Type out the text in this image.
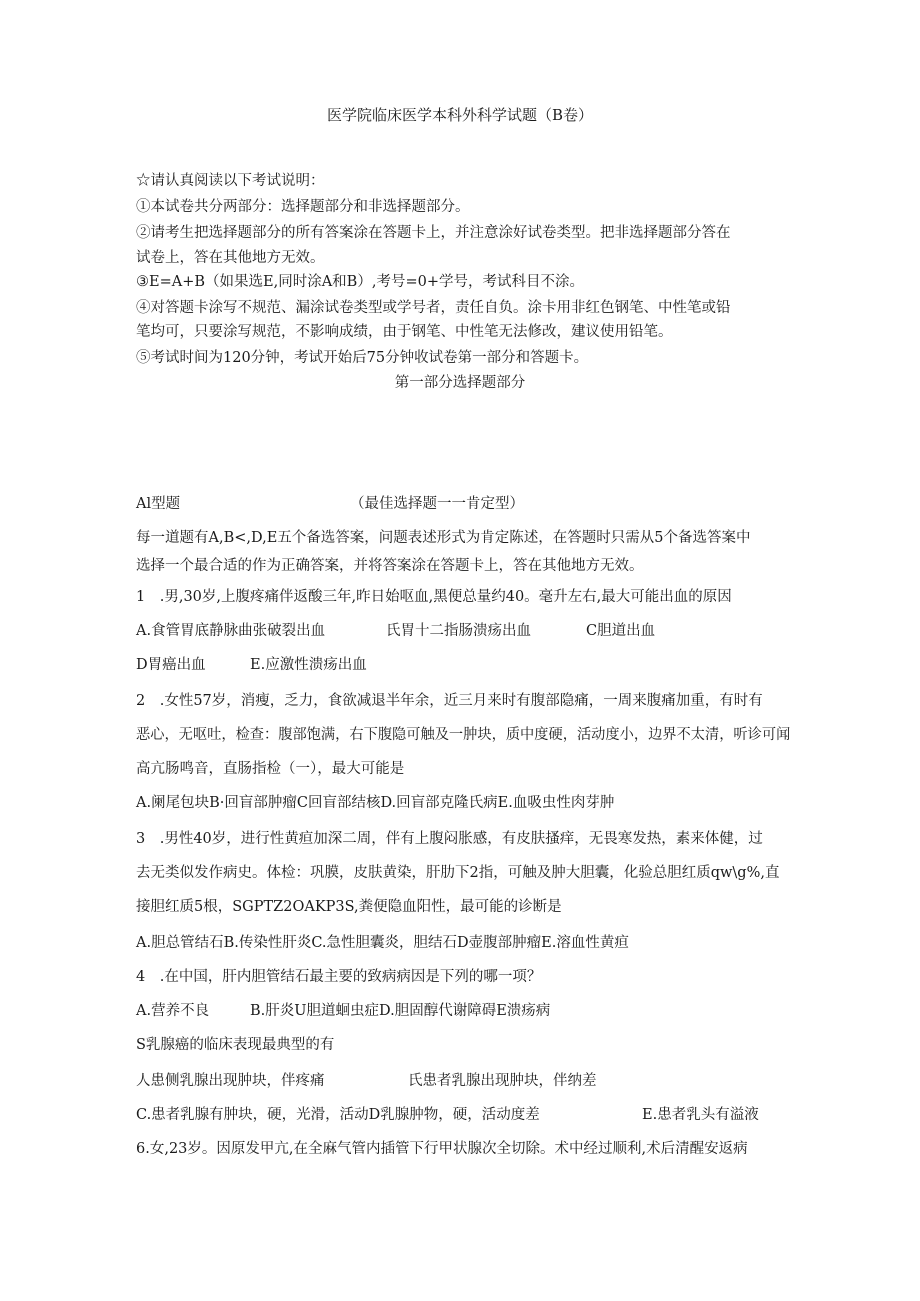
医学院临床医学本科外科学试题（B卷）
☆请认真阅读以下考试说明：
①本试卷共分两部分：选择题部分和非选择题部分。
②请考生把选择题部分的所有答案涂在答题卡上，并注意涂好试卷类型。把非选择题部分答在
试卷上，答在其他地方无效。
③E=A+B（如果选E,同时涂A和B）,考号=0+学号，考试科目不涂。
④对答题卡涂写不规范、漏涂试卷类型或学号者，责任自负。涂卡用非红色钢笔、中性笔或铅
笔均可，只要涂写规范，不影响成绩，由于钢笔、中性笔无法修改，建议使用铅笔。
⑤考试时间为120分钟，考试开始后75分钟收试卷第一部分和答题卡。
第一部分选择题部分
Al型题	（最佳选择题一一肯定型）
每一道题有A,B<,D,E五个备选答案，问题表述形式为肯定陈述，在答题时只需从5个备选答案中
选择一个最合适的作为正确答案，并将答案涂在答题卡上，答在其他地方无效。
1　.男,30岁,上腹疼痛伴返酸三年,昨日始呕血,黑便总量约40。毫升左右,最大可能出血的原因
A.食管胃底静脉曲张破裂出血	氏胃十二指肠溃疡出血	C胆道出血
D胃癌出血	E.应激性溃疡出血
2　.女性57岁，消瘦，乏力，食欲减退半年余，近三月来时有腹部隐痛，一周来腹痛加重，有时有
恶心，无呕吐，检查：腹部饱满，右下腹隐可触及一肿块，质中度硬，活动度小，边界不太清，听诊可闻
高亢肠鸣音，直肠指检（一），最大可能是
A.阑尾包块B·回盲部肿瘤C回盲部结核D.回盲部克隆氏病E.血吸虫性肉芽肿
3　.男性40岁，进行性黄疸加深二周，伴有上腹闷胀感，有皮肤搔痒，无畏寒发热，素来体健，过
去无类似发作病史。体检：巩膜，皮肤黄染，肝肋下2指，可触及肿大胆囊，化验总胆红质qw\g%,直
接胆红质5根，SGPTZ2OAKP3S,粪便隐血阳性，最可能的诊断是
A.胆总管结石B.传染性肝炎C.急性胆囊炎，胆结石D壶腹部肿瘤E.溶血性黄疸
4　.在中国，肝内胆管结石最主要的致病病因是下列的哪一项？
A.营养不良	B.肝炎U胆道蛔虫症D.胆固醇代谢障碍E溃疡病
S乳腺癌的临床表现最典型的有
人患侧乳腺出现肿块，伴疼痛	氏患者乳腺出现肿块，伴纳差
C.患者乳腺有肿块，硬，光滑，活动D乳腺肿物，硬，活动度差	E.患者乳头有溢液
6.女,23岁。因原发甲亢,在全麻气管内插管下行甲状腺次全切除。术中经过顺利,术后清醒安返病
